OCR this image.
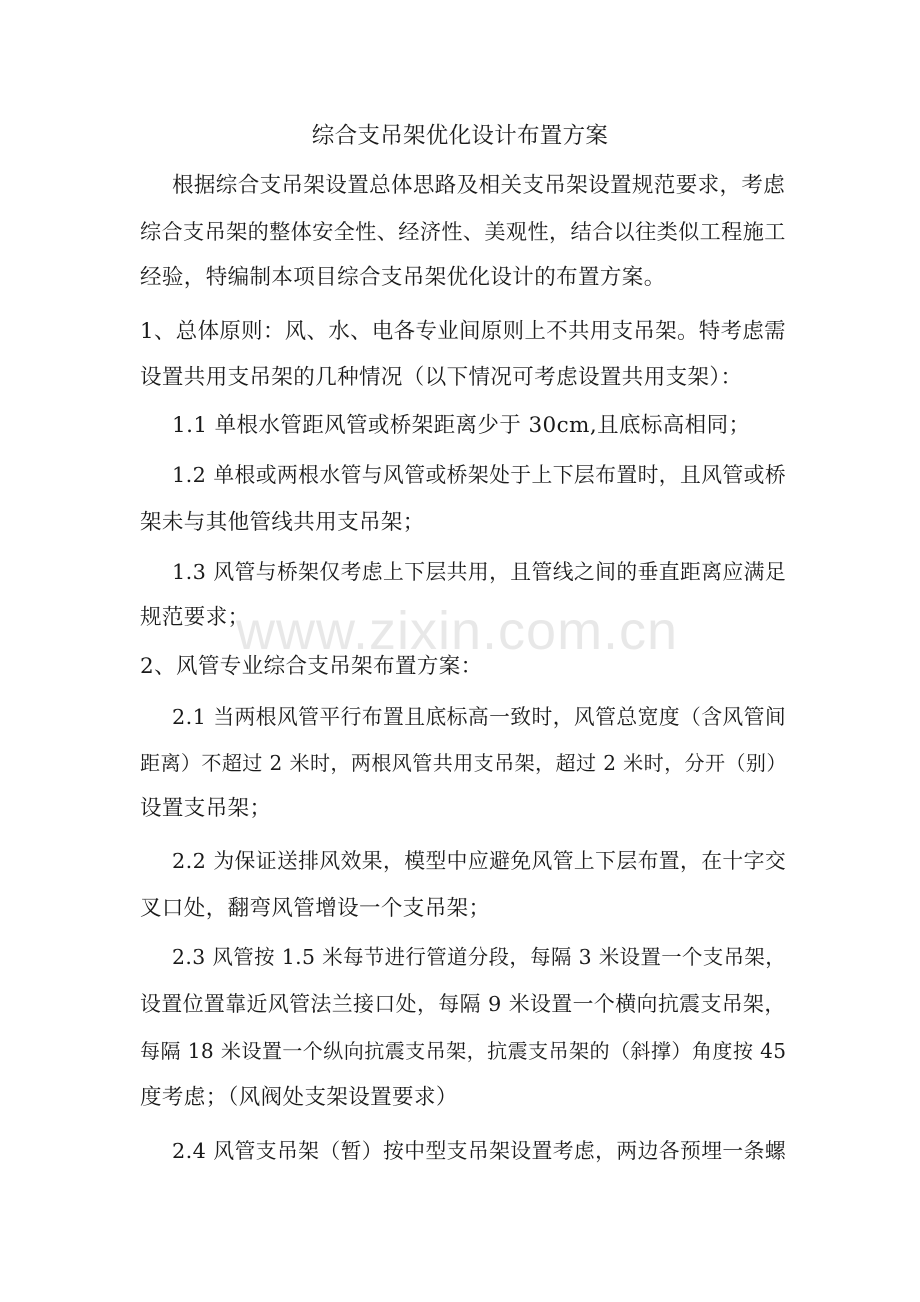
综合支吊架优化设计布置方案
根据综合支吊架设置总体思路及相关支吊架设置规范要求，考虑
综合支吊架的整体安全性、经济性、美观性，结合以往类似工程施工
经验，特编制本项目综合支吊架优化设计的布置方案。
1、总体原则：风、水、电各专业间原则上不共用支吊架。特考虑需
设置共用支吊架的几种情况（以下情况可考虑设置共用支架）：
1.1 单根水管距风管或桥架距离少于 30cm,且底标高相同；
1.2 单根或两根水管与风管或桥架处于上下层布置时，且风管或桥
架未与其他管线共用支吊架；
1.3 风管与桥架仅考虑上下层共用，且管线之间的垂直距离应满足
规范要求；
2、风管专业综合支吊架布置方案：
2.1 当两根风管平行布置且底标高一致时，风管总宽度（含风管间
距离）不超过 2 米时，两根风管共用支吊架，超过 2 米时，分开（别）
设置支吊架；
2.2 为保证送排风效果，模型中应避免风管上下层布置，在十字交
叉口处，翻弯风管增设一个支吊架；
2.3 风管按 1.5 米每节进行管道分段，每隔 3 米设置一个支吊架，
设置位置靠近风管法兰接口处，每隔 9 米设置一个横向抗震支吊架，
每隔 18 米设置一个纵向抗震支吊架，抗震支吊架的（斜撑）角度按 45
度考虑；（风阀处支架设置要求）
2.4 风管支吊架（暂）按中型支吊架设置考虑，两边各预埋一条螺
www.zixin.com.cn
